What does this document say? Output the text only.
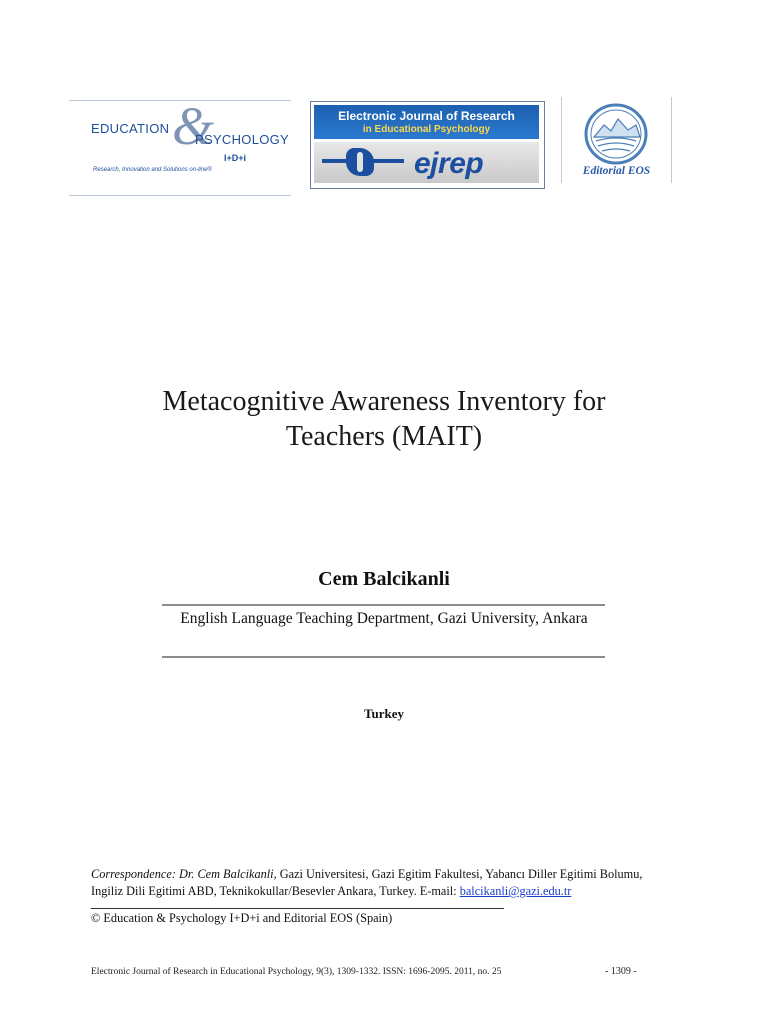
EDUCATION &
PSYCHOLOGY
I+D+i
Research, Innovation and Solutions on-line®
Electronic Journal of Research
in Educational Psychology
ejrep	Editorial EOS
Metacognitive Awareness Inventory for
Teachers (MAIT)
Cem Balcikanli
English Language Teaching Department, Gazi University, Ankara
Turkey
Correspondence: Dr. Cem Balcikanli, Gazi Universitesi, Gazi Egitim Fakultesi, Yabancı Diller Egitimi Bolumu,
Ingiliz Dili Egitimi ABD, Teknikokullar/Besevler Ankara, Turkey. E-mail: balcikanli@gazi.edu.tr
© Education & Psychology I+D+i and Editorial EOS (Spain)
Electronic Journal of Research in Educational Psychology, 9(3), 1309-1332. ISSN: 1696-2095. 2011, no. 25	- 1309 -
